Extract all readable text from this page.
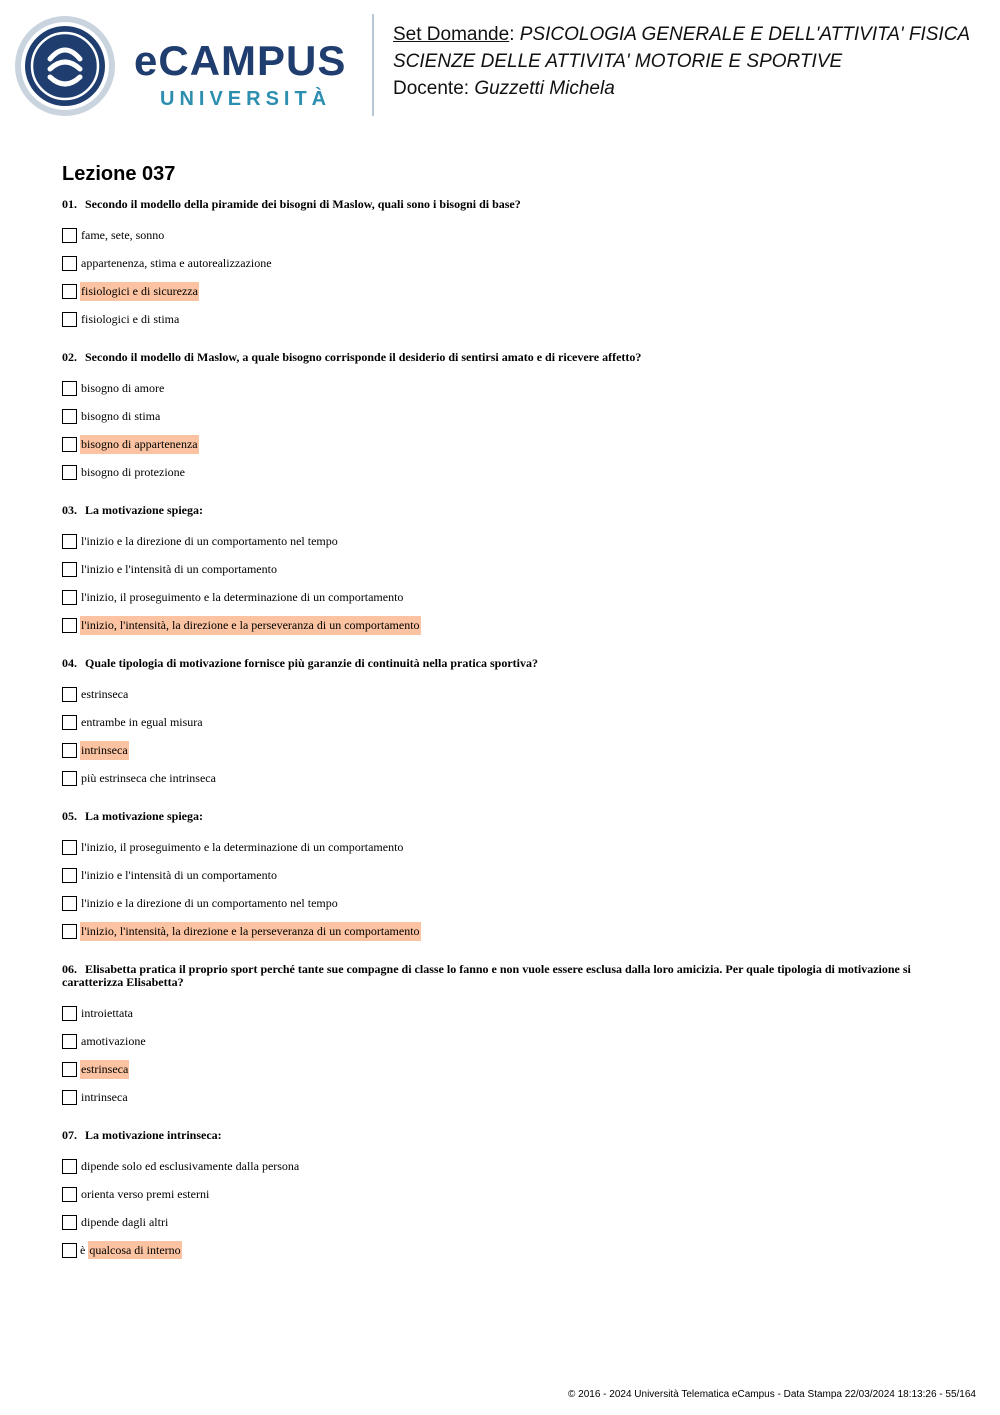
eCAMPUS
UNIVERSITÀ
Set Domande: PSICOLOGIA GENERALE E DELL'ATTIVITA' FISICA
SCIENZE DELLE ATTIVITA' MOTORIE E SPORTIVE
Docente: Guzzetti Michela
Lezione 037
01. Secondo il modello della piramide dei bisogni di Maslow, quali sono i bisogni di base?
fame, sete, sonno
appartenenza, stima e autorealizzazione
fisiologici e di sicurezza
fisiologici e di stima
02. Secondo il modello di Maslow, a quale bisogno corrisponde il desiderio di sentirsi amato e di ricevere affetto?
bisogno di amore
bisogno di stima
bisogno di appartenenza
bisogno di protezione
03. La motivazione spiega:
l'inizio e la direzione di un comportamento nel tempo
l'inizio e l'intensità di un comportamento
l'inizio, il proseguimento e la determinazione di un comportamento
l'inizio, l'intensità, la direzione e la perseveranza di un comportamento
04. Quale tipologia di motivazione fornisce più garanzie di continuità nella pratica sportiva?
estrinseca
entrambe in egual misura
intrinseca
più estrinseca che intrinseca
05. La motivazione spiega:
l'inizio, il proseguimento e la determinazione di un comportamento
l'inizio e l'intensità di un comportamento
l'inizio e la direzione di un comportamento nel tempo
l'inizio, l'intensità, la direzione e la perseveranza di un comportamento
06. Elisabetta pratica il proprio sport perché tante sue compagne di classe lo fanno e non vuole essere esclusa dalla loro amicizia. Per quale tipologia di motivazione si caratterizza Elisabetta?
introiettata
amotivazione
estrinseca
intrinseca
07. La motivazione intrinseca:
dipende solo ed esclusivamente dalla persona
orienta verso premi esterni
dipende dagli altri
è qualcosa di interno
© 2016 - 2024 Università Telematica eCampus - Data Stampa 22/03/2024 18:13:26 - 55/164
